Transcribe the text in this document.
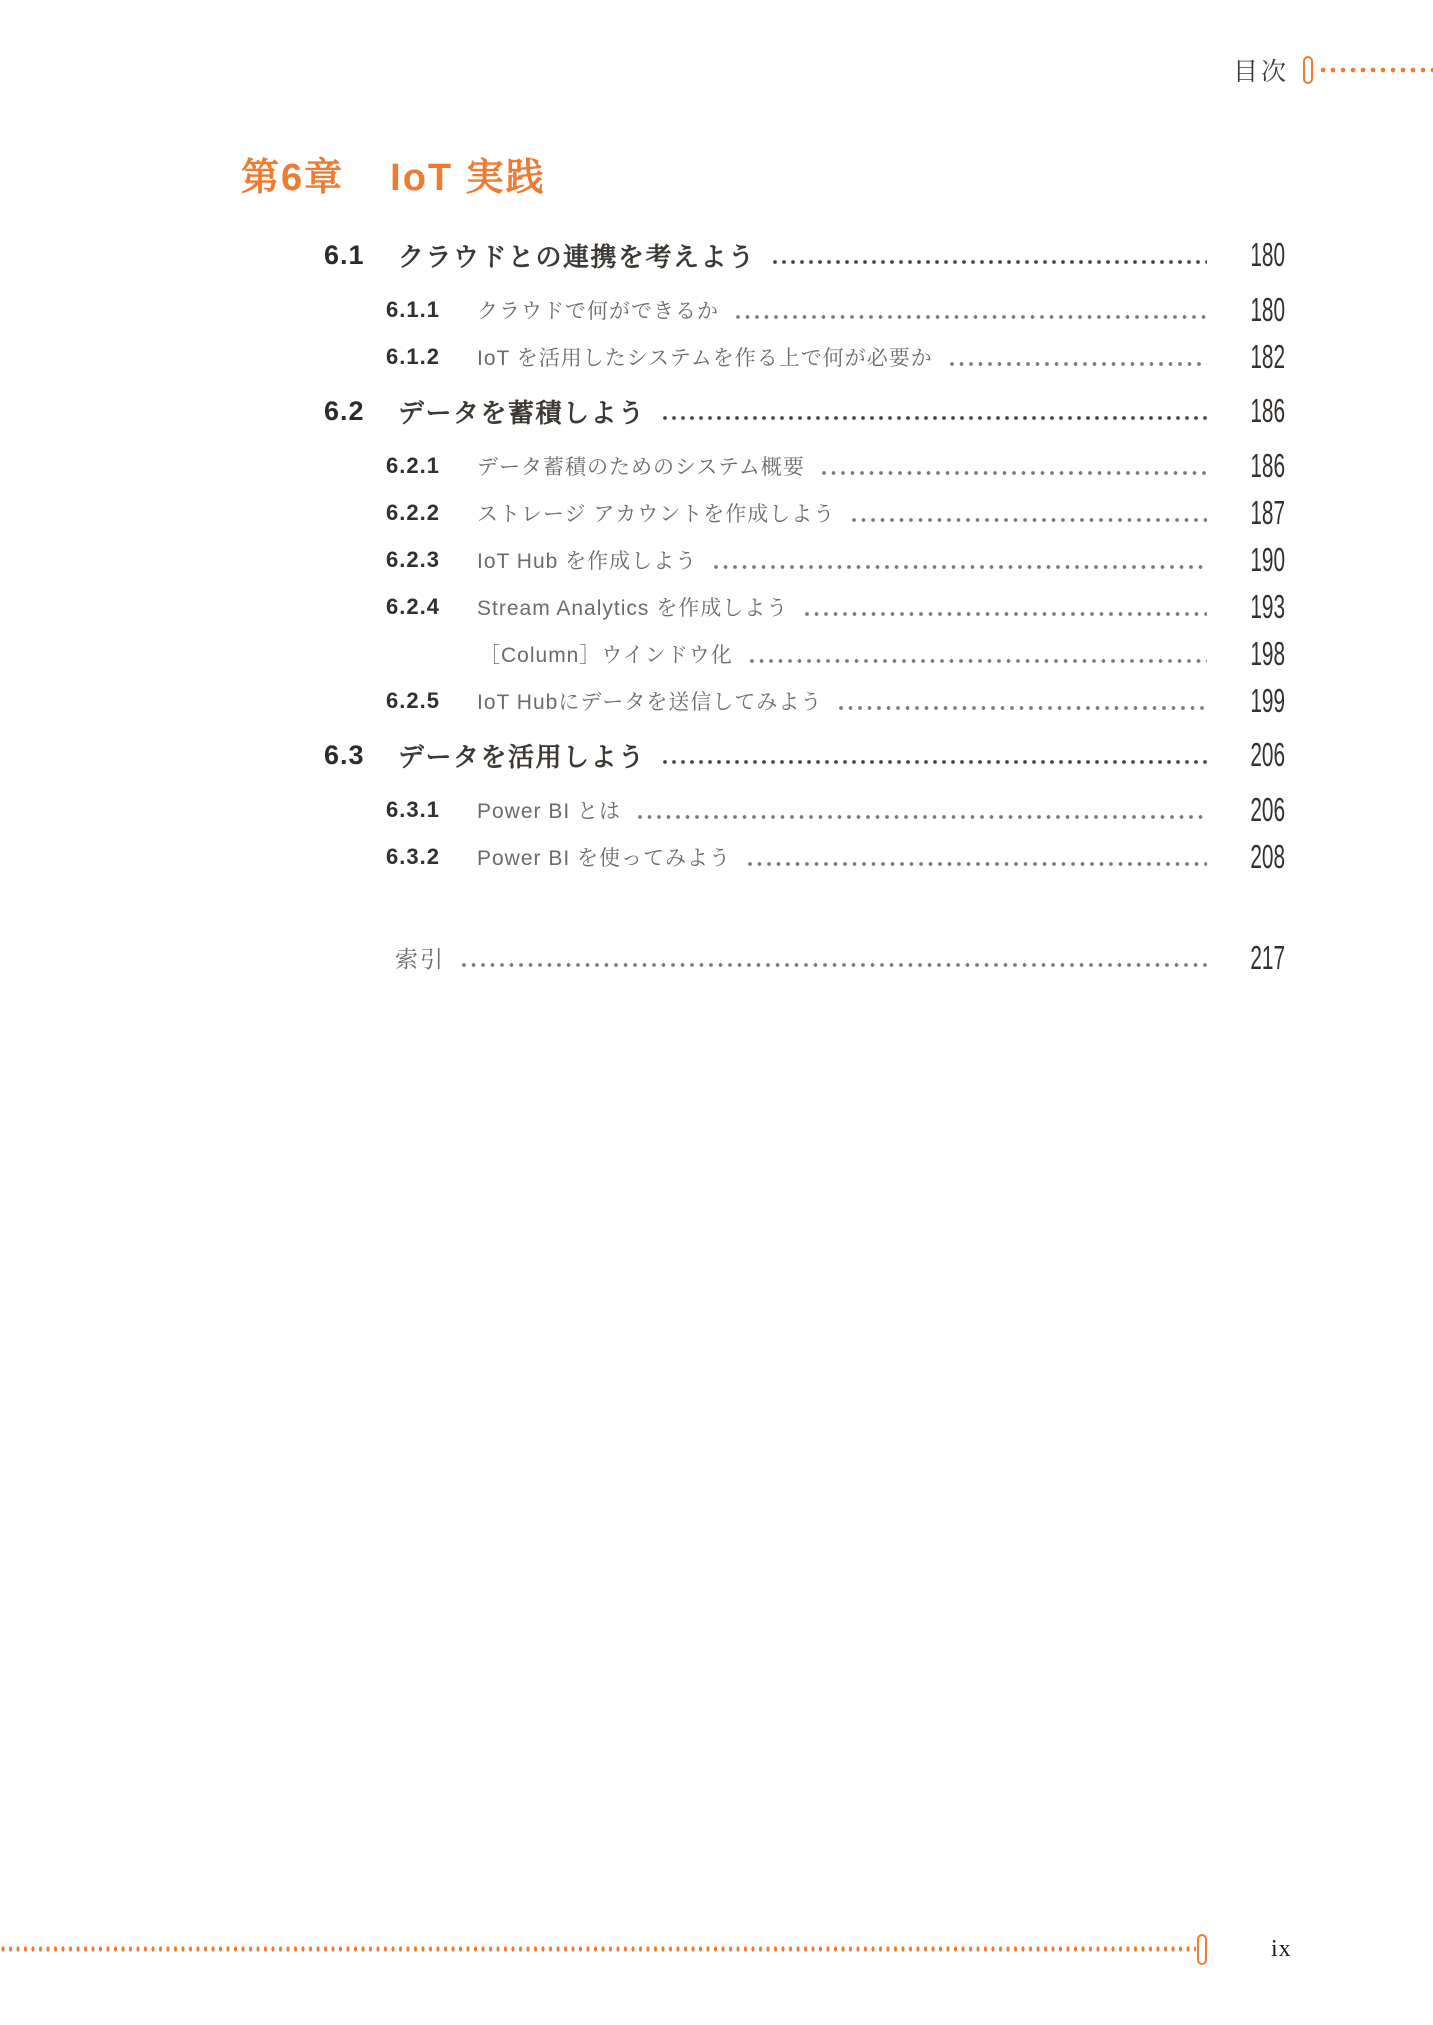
目次
第6章 IoT 実践
6.1	クラウドとの連携を考えよう	180
6.1.1	クラウドで何ができるか	180
6.1.2	IoT を活用したシステムを作る上で何が必要か	182
6.2	データを蓄積しよう	186
6.2.1	データ蓄積のためのシステム概要	186
6.2.2	ストレージ アカウントを作成しよう	187
6.2.3	IoT Hub を作成しよう	190
6.2.4	Stream Analytics を作成しよう	193
［Column］ウインドウ化	198
6.2.5	IoT Hubにデータを送信してみよう	199
6.3	データを活用しよう	206
6.3.1	Power BI とは	206
6.3.2	Power BI を使ってみよう	208
索引	217
ix
